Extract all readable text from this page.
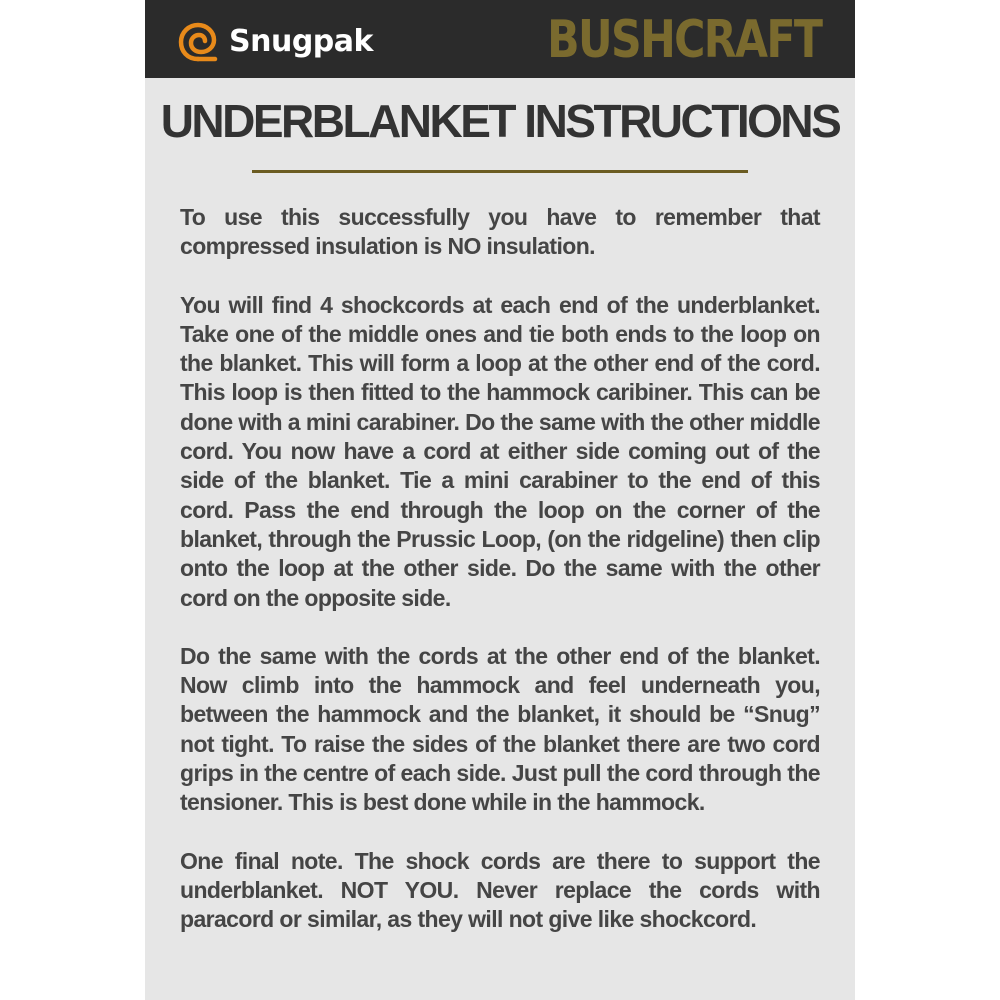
Snugpak	BUSHCRAFT
UNDERBLANKET INSTRUCTIONS

To use this successfully you have to remember that compressed insulation is NO insulation.

You will find 4 shockcords at each end of the underblanket. Take one of the middle ones and tie both ends to the loop on the blanket. This will form a loop at the other end of the cord. This loop is then fitted to the hammock caribiner. This can be done with a mini carabiner. Do the same with the other middle cord. You now have a cord at either side coming out of the side of the blanket. Tie a mini carabiner to the end of this cord. Pass the end through the loop on the corner of the blanket, through the Prussic Loop, (on the ridgeline) then clip onto the loop at the other side. Do the same with the other cord on the opposite side.

Do the same with the cords at the other end of the blanket. Now climb into the hammock and feel underneath you, between the hammock and the blanket, it should be “Snug” not tight. To raise the sides of the blanket there are two cord grips in the centre of each side. Just pull the cord through the tensioner. This is best done while in the hammock.

One final note. The shock cords are there to support the underblanket. NOT YOU. Never replace the cords with paracord or similar, as they will not give like shockcord.
